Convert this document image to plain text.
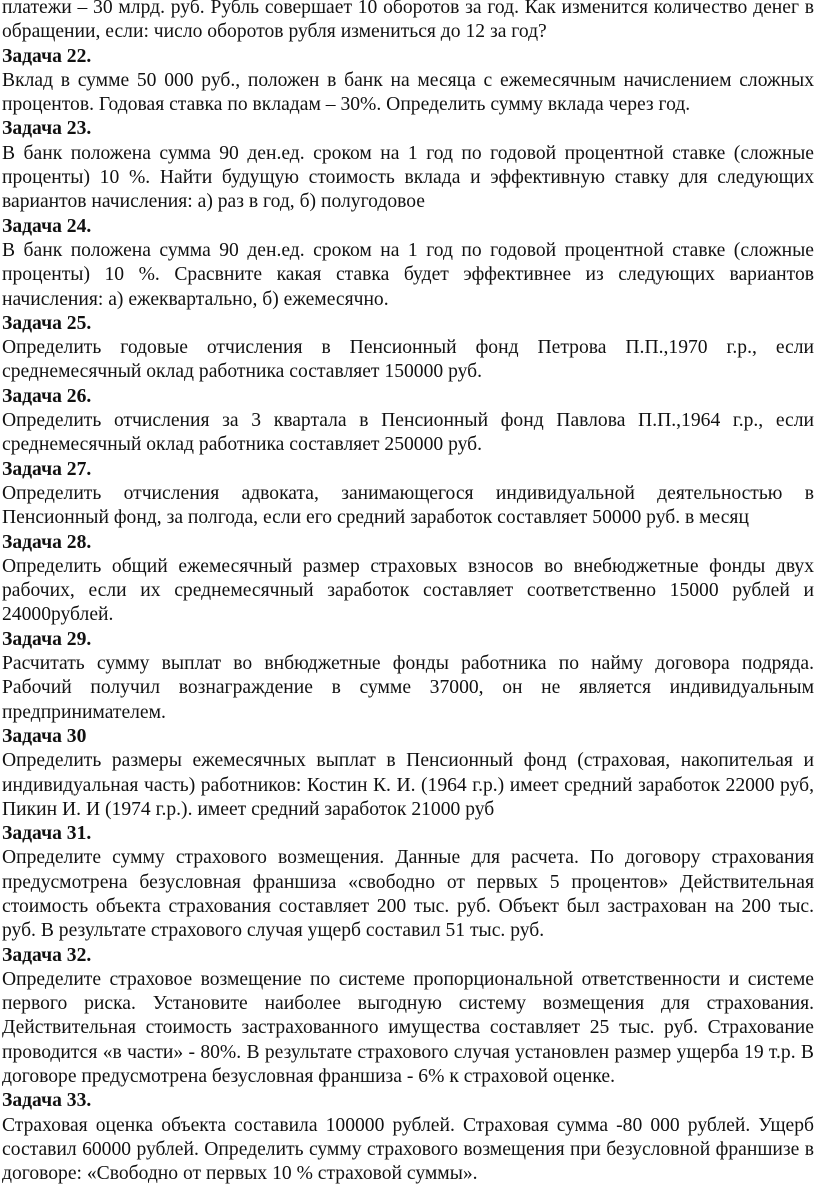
платежи – 30 млрд. руб. Рубль совершает 10 оборотов за год. Как изменится количество денег в обращении, если: число оборотов рубля измениться до 12 за год?

Задача 22.

Вклад в сумме 50 000 руб., положен в банк на месяца с ежемесячным начислением сложных процентов. Годовая ставка по вкладам – 30%. Определить сумму вклада через год.

Задача 23.

В банк положена сумма 90 ден.ед. сроком на 1 год по годовой процентной ставке (сложные проценты) 10 %. Найти будущую стоимость вклада и эффективную ставку для следующих вариантов начисления: а) раз в год, б) полугодовое

Задача 24.

В банк положена сумма 90 ден.ед. сроком на 1 год по годовой процентной ставке (сложные проценты) 10 %. Сраcвните какая ставка будет эффективнее из следующих вариантов начисления: а) ежеквартально, б) ежемесячно.

Задача 25.

Определить годовые отчисления в Пенсионный фонд Петрова П.П.,1970 г.р., если среднемесячный оклад работника составляет 150000 руб.

Задача 26.

Определить отчисления за 3 квартала в Пенсионный фонд Павлова П.П.,1964 г.р., если среднемесячный оклад работника составляет 250000 руб.

Задача 27.

Определить отчисления адвоката, занимающегося индивидуальной деятельностью в Пенсионный фонд, за полгода, если его средний заработок составляет 50000 руб. в месяц

Задача 28.

Определить общий ежемесячный размер страховых взносов во внебюджетные фонды двух рабочих, если их среднемесячный заработок составляет соответственно 15000 рублей и 24000рублей.

Задача 29.

Расчитать сумму выплат во внбюджетные фонды работника по найму договора подряда. Рабочий получил вознаграждение в сумме 37000, он не является индивидуальным предпринимателем.

Задача 30

Определить размеры ежемесячных выплат в Пенсионный фонд (страховая, накопительая и индивидуальная часть) работников: Костин К. И. (1964 г.р.) имеет средний заработок 22000 руб, Пикин И. И (1974 г.р.). имеет средний заработок 21000 руб

Задача 31.

Определите сумму страхового возмещения. Данные для расчета. По договору страхования предусмотрена безусловная франшиза «свободно от первых 5 процентов» Действительная стоимость объекта страхования составляет 200 тыс. руб. Объект был застрахован на 200 тыс. руб. В результате страхового случая ущерб составил 51 тыс. руб.

Задача 32.

Определите страховое возмещение по системе пропорциональной ответственности и системе первого риска. Установите наиболее выгодную систему возмещения для страхования. Действительная стоимость застрахованного имущества составляет 25 тыс. руб. Страхование проводится «в части» - 80%. В результате страхового случая установлен размер ущерба 19 т.р. В договоре предусмотрена безусловная франшиза - 6% к страховой оценке.

Задача 33.

Страховая оценка объекта составила 100000 рублей. Страховая сумма -80 000 рублей. Ущерб составил 60000 рублей. Определить сумму страхового возмещения при безусловной франшизе в договоре: «Свободно от первых 10 % страховой суммы».
